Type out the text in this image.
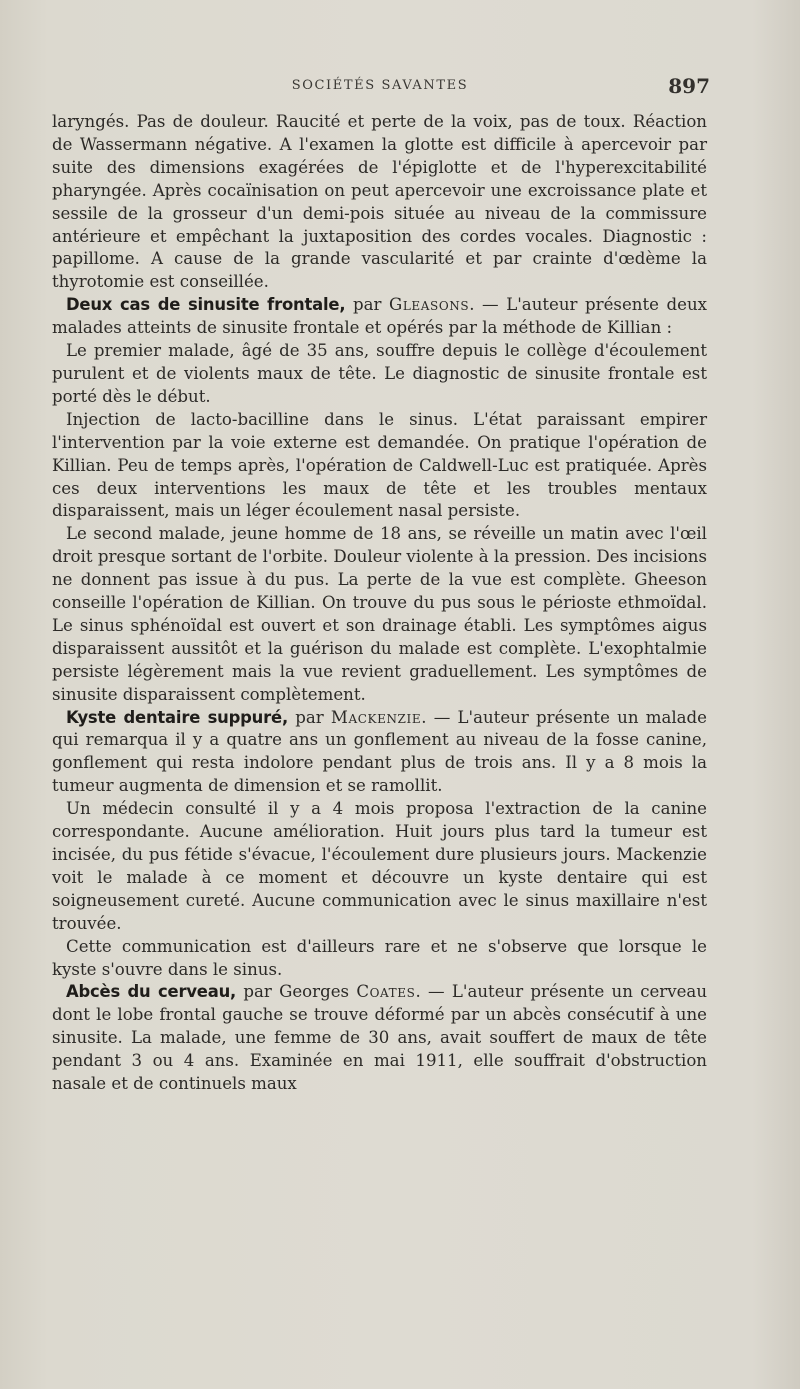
SOCIÉTÉS SAVANTES	897

laryngés. Pas de douleur. Raucité et perte de la voix, pas de toux. Réaction de Wassermann négative. A l'examen la glotte est difficile à apercevoir par suite des dimensions exagérées de l'épiglotte et de l'hyperexcitabilité pharyngée. Après cocaïnisation on peut apercevoir une excroissance plate et sessile de la grosseur d'un demi-pois située au niveau de la commissure antérieure et empêchant la juxtaposition des cordes vocales. Diagnostic : papillome. A cause de la grande vascularité et par crainte d'œdème la thyrotomie est conseillée.

Deux cas de sinusite frontale, par Gleasons. — L'auteur présente deux malades atteints de sinusite frontale et opérés par la méthode de Killian :

Le premier malade, âgé de 35 ans, souffre depuis le collège d'écoulement purulent et de violents maux de tête. Le diagnostic de sinusite frontale est porté dès le début.

Injection de lacto-bacilline dans le sinus. L'état paraissant empirer l'intervention par la voie externe est demandée. On pratique l'opération de Killian. Peu de temps après, l'opération de Caldwell-Luc est pratiquée. Après ces deux interventions les maux de tête et les troubles mentaux disparaissent, mais un léger écoulement nasal persiste.

Le second malade, jeune homme de 18 ans, se réveille un matin avec l'œil droit presque sortant de l'orbite. Douleur violente à la pression. Des incisions ne donnent pas issue à du pus. La perte de la vue est complète. Gheeson conseille l'opération de Killian. On trouve du pus sous le périoste ethmoïdal. Le sinus sphénoïdal est ouvert et son drainage établi. Les symptômes aigus disparaissent aussitôt et la guérison du malade est complète. L'exophtalmie persiste légèrement mais la vue revient graduellement. Les symptômes de sinusite disparaissent complètement.

Kyste dentaire suppuré, par Mackenzie. — L'auteur présente un malade qui remarqua il y a quatre ans un gonflement au niveau de la fosse canine, gonflement qui resta indolore pendant plus de trois ans. Il y a 8 mois la tumeur augmenta de dimension et se ramollit.

Un médecin consulté il y a 4 mois proposa l'extraction de la canine correspondante. Aucune amélioration. Huit jours plus tard la tumeur est incisée, du pus fétide s'évacue, l'écoulement dure plusieurs jours. Mackenzie voit le malade à ce moment et découvre un kyste dentaire qui est soigneusement cureté. Aucune communication avec le sinus maxillaire n'est trouvée.

Cette communication est d'ailleurs rare et ne s'observe que lorsque le kyste s'ouvre dans le sinus.

Abcès du cerveau, par Georges Coates. — L'auteur présente un cerveau dont le lobe frontal gauche se trouve déformé par un abcès consécutif à une sinusite. La malade, une femme de 30 ans, avait souffert de maux de tête pendant 3 ou 4 ans. Examinée en mai 1911, elle souffrait d'obstruction nasale et de continuels maux
